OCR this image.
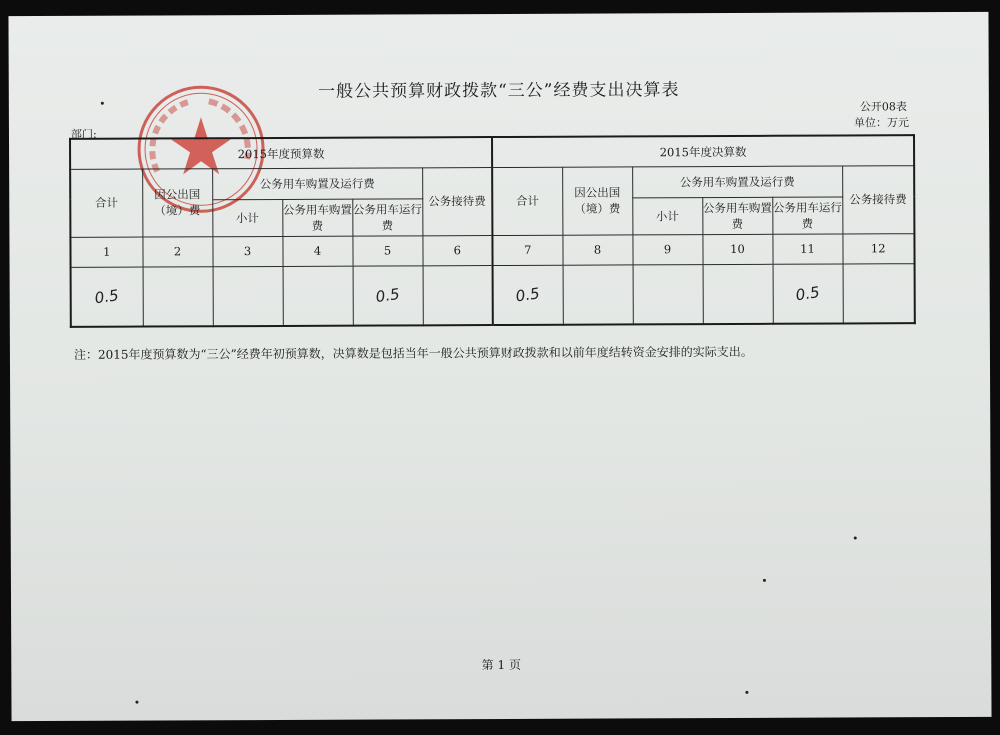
一般公共预算财政拨款“三公”经费支出决算表
公开08表
单位：万元
部门:
2015年度预算数						2015年度决算数					
合计	因公出国（境）费	公务用车购置及运行费			公务接待费	合计	因公出国（境）费	公务用车购置及运行费			公务接待费
		小计	公务用车购置费	公务用车运行费				小计	公务用车购置费	公务用车运行费	
1	2	3	4	5	6	7	8	9	10	11	12
0.5				0.5		0.5				0.5	
注：2015年度预算数为“三公”经费年初预算数，决算数是包括当年一般公共预算财政拨款和以前年度结转资金安排的实际支出。
第 1 页
